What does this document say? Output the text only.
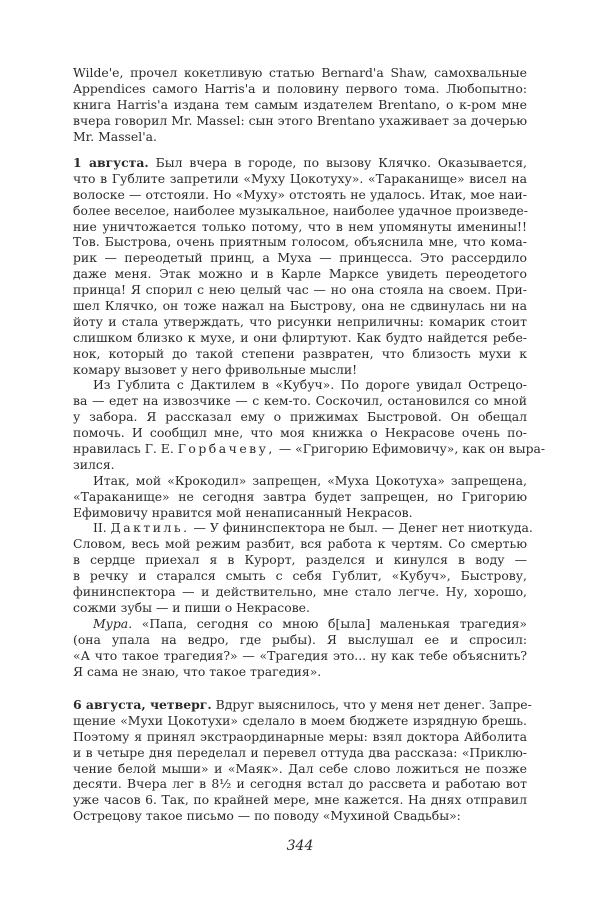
Wilde'е, прочел кокетливую статью Bernard'a Shaw, самохвальные
Appendices самого Harris'a и половину первого тома. Любопытно:
книга Harris'a издана тем самым издателем Brentano, о к-ром мне
вчера говорил Mr. Massel: сын этого Brentano ухаживает за дочерью
Mr. Massel'a.
1 августа. Был вчера в городе, по вызову Клячко. Оказывается,
что в Гублите запретили «Муху Цокотуху». «Тараканище» висел на
волоске — отстояли. Но «Муху» отстоять не удалось. Итак, мое наи-
более веселое, наиболее музыкальное, наиболее удачное произведе-
ние уничтожается только потому, что в нем упомянуты именины!!
Тов. Быстрова, очень приятным голосом, объяснила мне, что кома-
рик — переодетый принц, а Муха — принцесса. Это рассердило
даже меня. Этак можно и в Карле Марксе увидеть переодетого
принца! Я спорил с нею целый час — но она стояла на своем. При-
шел Клячко, он тоже нажал на Быстрову, она не сдвинулась ни на
йоту и стала утверждать, что рисунки неприличны: комарик стоит
слишком близко к мухе, и они флиртуют. Как будто найдется ребе-
нок, который до такой степени развратен, что близость мухи к
комару вызовет у него фривольные мысли!
Из Гублита с Дактилем в «Кубуч». По дороге увидал Острецо-
ва — едет на извозчике — с кем-то. Соскочил, остановился со мной
у забора. Я рассказал ему о прижимах Быстровой. Он обещал
помочь. И сообщил мне, что моя книжка о Некрасове очень по-
нравилась Г. Е. Горбачеву, — «Григорию Ефимовичу», как он выра-
зился.
Итак, мой «Крокодил» запрещен, «Муха Цокотуха» запрещена,
«Тараканище» не сегодня завтра будет запрещен, но Григорию
Ефимовичу нравится мой ненаписанный Некрасов.
II. Дактиль. — У фининспектора не был. — Денег нет ниоткуда.
Словом, весь мой режим разбит, вся работа к чертям. Со смертью
в сердце приехал я в Курорт, разделся и кинулся в воду —
в речку и старался смыть с себя Гублит, «Кубуч», Быстрову,
фининспектора — и действительно, мне стало легче. Ну, хорошо,
сожми зубы — и пиши о Некрасове.
Мура. «Папа, сегодня со мною б[ыла] маленькая трагедия»
(она упала на ведро, где рыбы). Я выслушал ее и спросил:
«А что такое трагедия?» — «Трагедия это... ну как тебе объяснить?
Я сама не знаю, что такое трагедия».
6 августа, четверг. Вдруг выяснилось, что у меня нет денег. Запре-
щение «Мухи Цокотухи» сделало в моем бюджете изрядную брешь.
Поэтому я принял экстраординарные меры: взял доктора Айболита
и в четыре дня переделал и перевел оттуда два рассказа: «Приклю-
чение белой мыши» и «Маяк». Дал себе слово ложиться не позже
десяти. Вчера лег в 8½ и сегодня встал до рассвета и работаю вот
уже часов 6. Так, по крайней мере, мне кажется. На днях отправил
Острецову такое письмо — по поводу «Мухиной Свадьбы»:
344
